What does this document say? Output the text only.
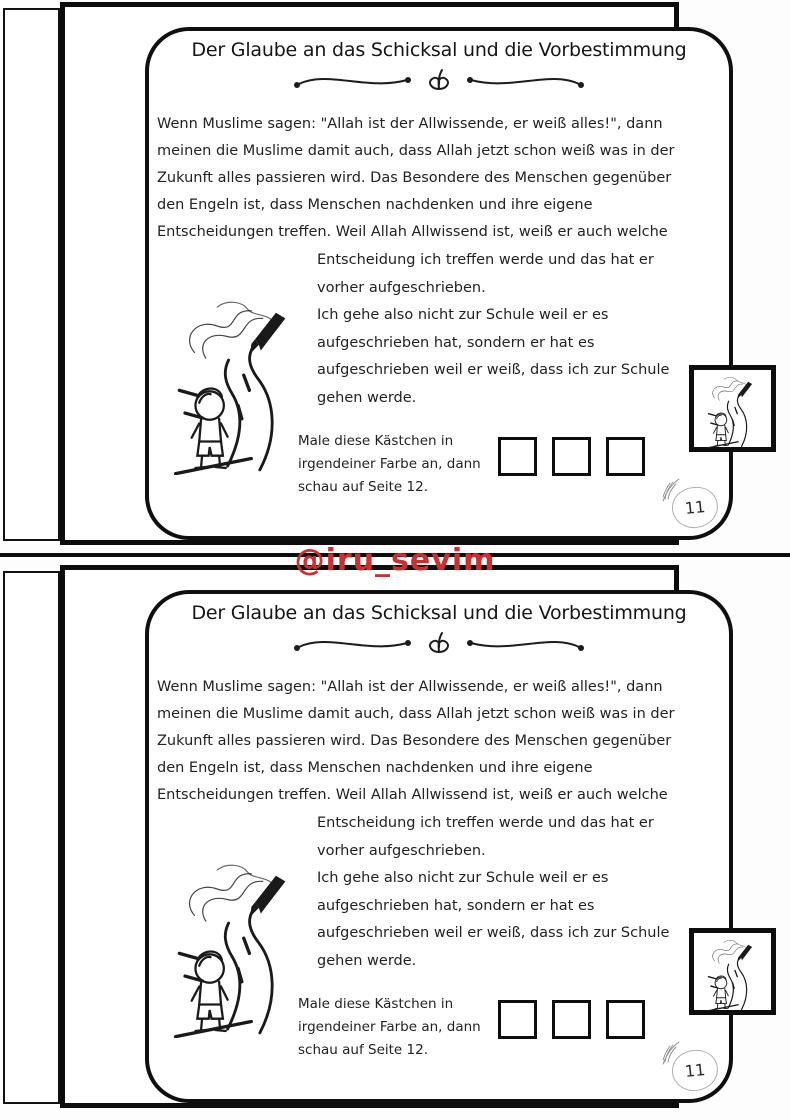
Der Glaube an das Schicksal und die Vorbestimmung
Wenn Muslime sagen: "Allah ist der Allwissende, er weiß alles!", dann
meinen die Muslime damit auch, dass Allah jetzt schon weiß was in der
Zukunft alles passieren wird. Das Besondere des Menschen gegenüber
den Engeln ist, dass Menschen nachdenken und ihre eigene
Entscheidungen treffen. Weil Allah Allwissend ist, weiß er auch welche
Entscheidung ich treffen werde und das hat er
vorher aufgeschrieben.
Ich gehe also nicht zur Schule weil er es
aufgeschrieben hat, sondern er hat es
aufgeschrieben weil er weiß, dass ich zur Schule
gehen werde.
Male diese Kästchen in
irgendeiner Farbe an, dann
schau auf Seite 12.
11
@iru_sevim
Der Glaube an das Schicksal und die Vorbestimmung
Wenn Muslime sagen: "Allah ist der Allwissende, er weiß alles!", dann
meinen die Muslime damit auch, dass Allah jetzt schon weiß was in der
Zukunft alles passieren wird. Das Besondere des Menschen gegenüber
den Engeln ist, dass Menschen nachdenken und ihre eigene
Entscheidungen treffen. Weil Allah Allwissend ist, weiß er auch welche
Entscheidung ich treffen werde und das hat er
vorher aufgeschrieben.
Ich gehe also nicht zur Schule weil er es
aufgeschrieben hat, sondern er hat es
aufgeschrieben weil er weiß, dass ich zur Schule
gehen werde.
Male diese Kästchen in
irgendeiner Farbe an, dann
schau auf Seite 12.
11
